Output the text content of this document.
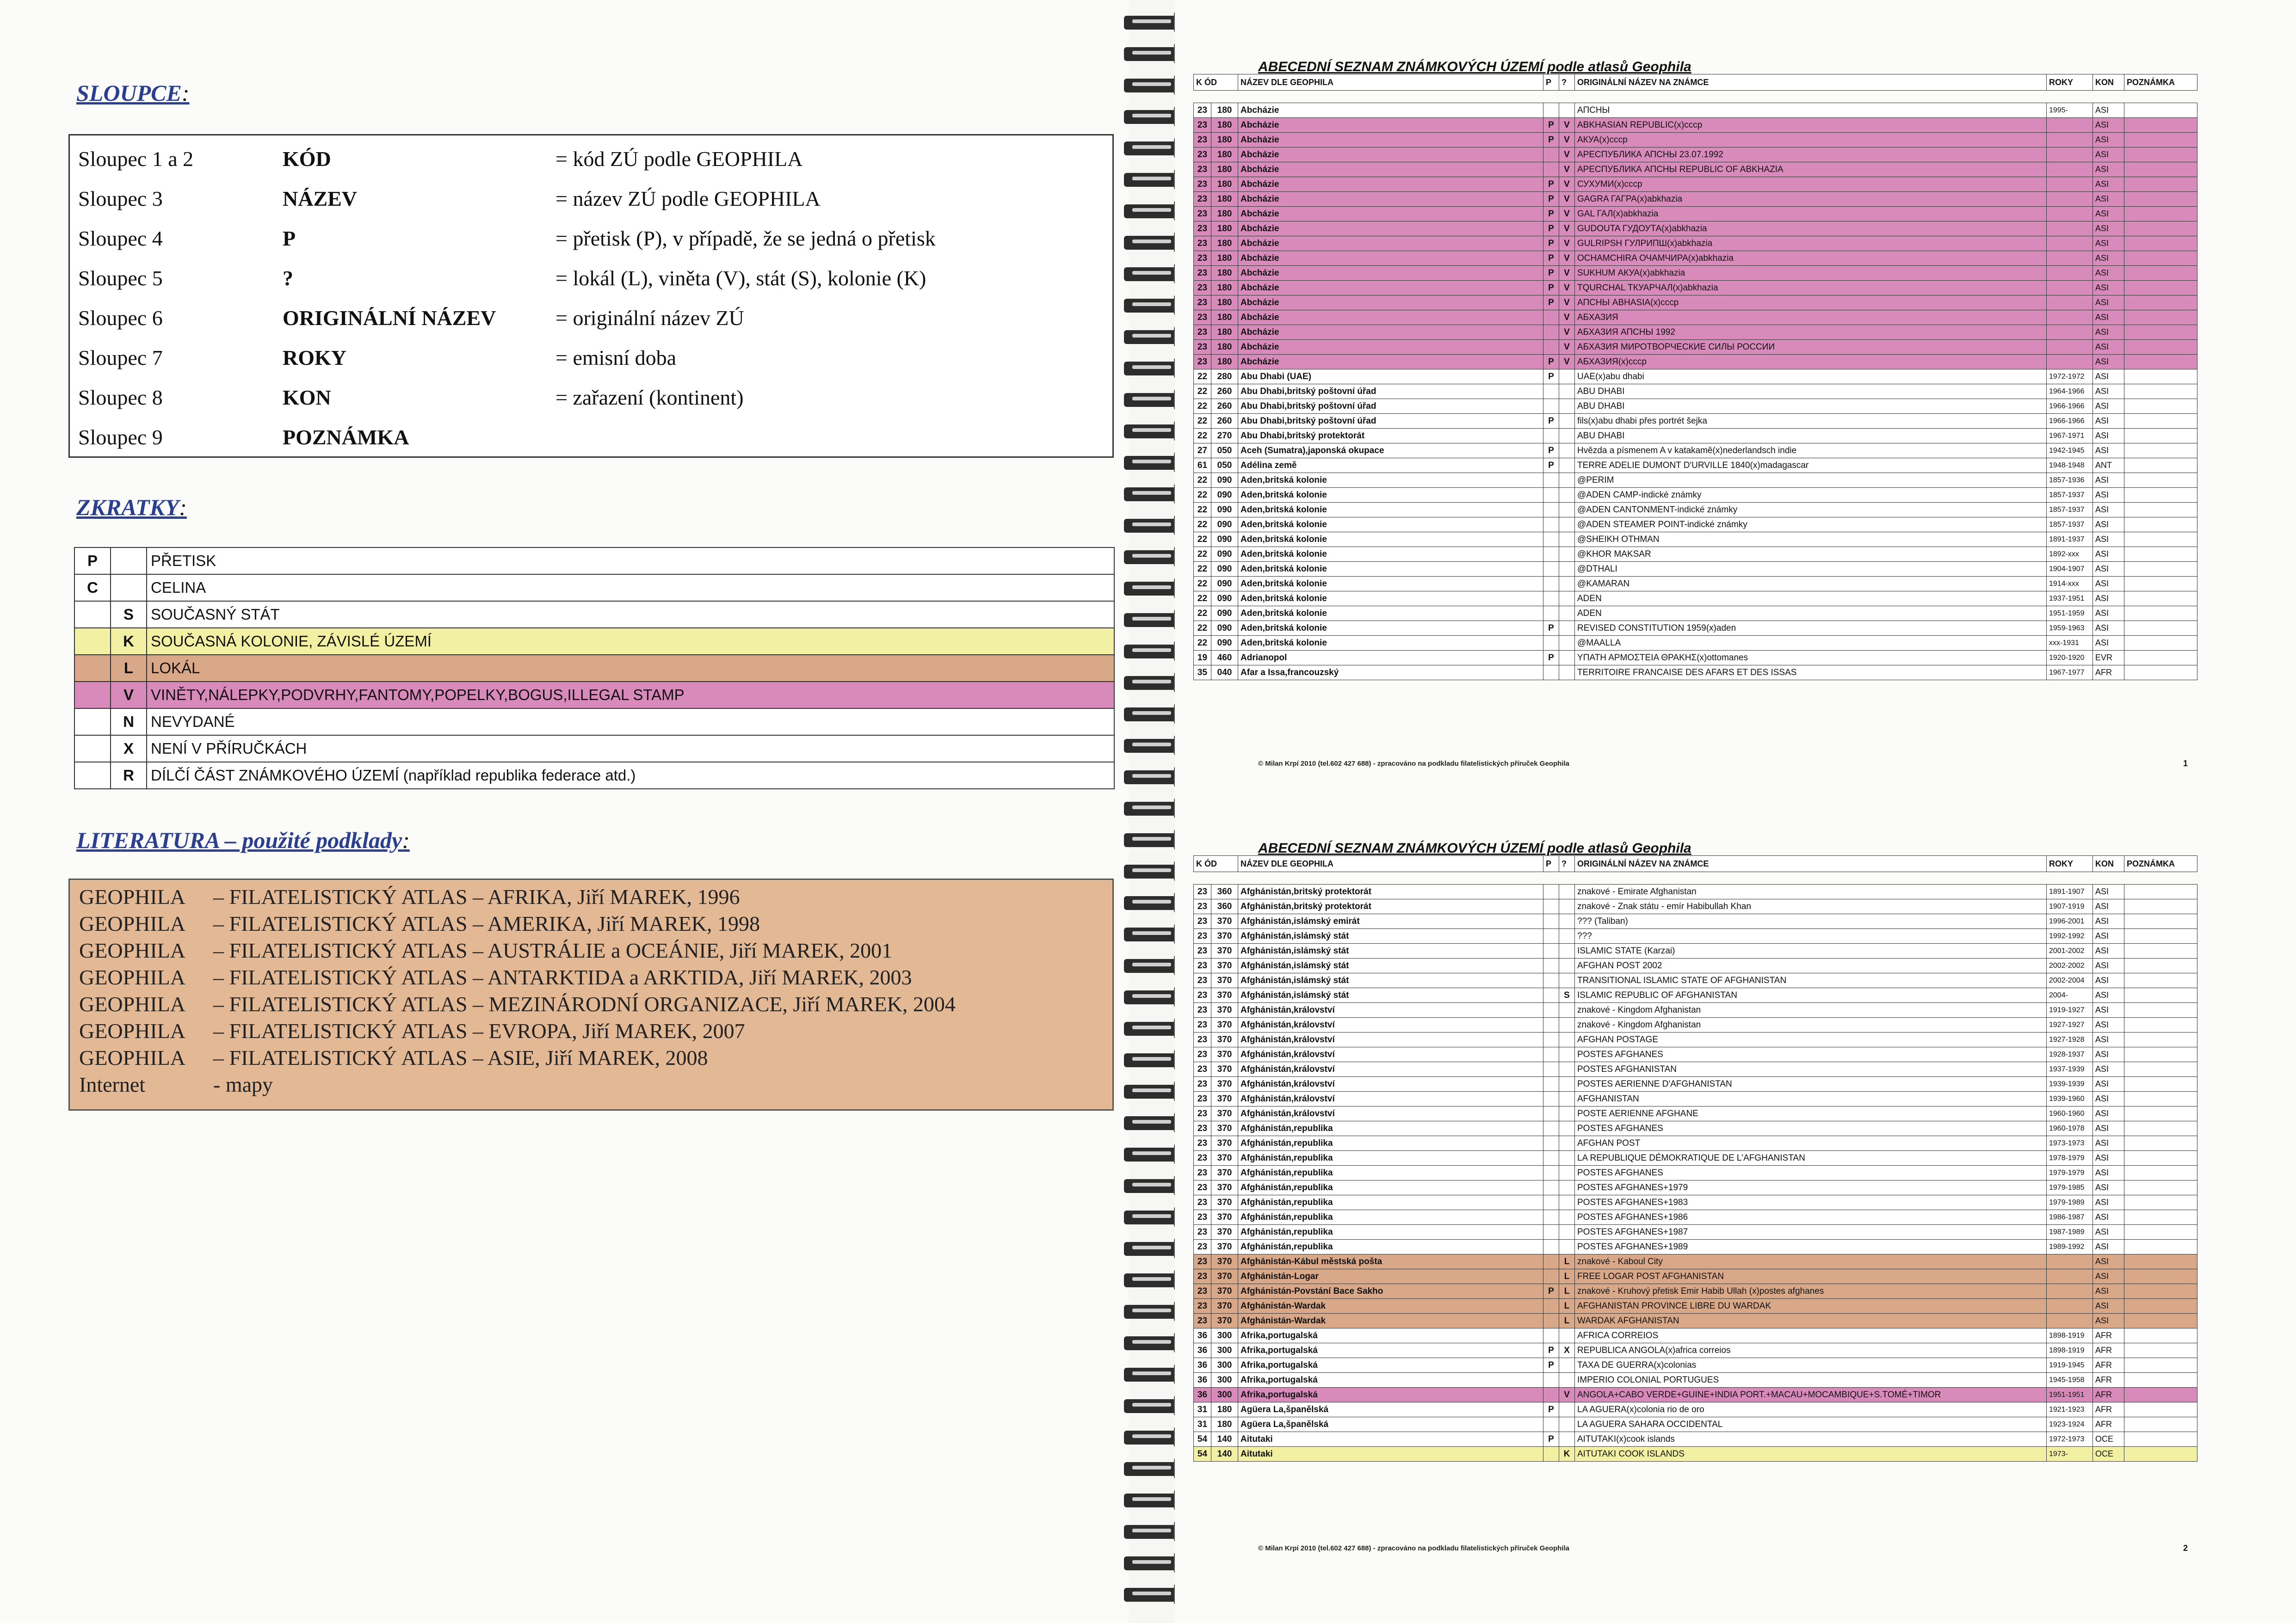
SLOUPCE:
Sloupec 1 a 2	KÓD	= kód ZÚ podle GEOPHILA
Sloupec 3	NÁZEV	= název ZÚ podle GEOPHILA
Sloupec 4	P	= přetisk (P), v případě, že se jedná o přetisk
Sloupec 5	?	= lokál (L), viněta (V), stát (S), kolonie (K)
Sloupec 6	ORIGINÁLNÍ NÁZEV	= originální název ZÚ
Sloupec 7	ROKY	= emisní doba
Sloupec 8	KON	= zařazení (kontinent)
Sloupec 9	POZNÁMKA
ZKRATKY:
P		PŘETISK
C		CELINA
	S	SOUČASNÝ STÁT
	K	SOUČASNÁ KOLONIE, ZÁVISLÉ ÚZEMÍ
	L	LOKÁL
	V	VINĚTY,NÁLEPKY,PODVRHY,FANTOMY,POPELKY,BOGUS,ILLEGAL STAMP
	N	NEVYDANÉ
	X	NENÍ V PŘÍRUČKÁCH
	R	DÍLČÍ ČÁST ZNÁMKOVÉHO ÚZEMÍ (například republika federace atd.)
LITERATURA – použité podklady:
GEOPHILA – FILATELISTICKÝ ATLAS – AFRIKA, Jiří MAREK, 1996
GEOPHILA – FILATELISTICKÝ ATLAS – AMERIKA, Jiří MAREK, 1998
GEOPHILA – FILATELISTICKÝ ATLAS – AUSTRÁLIE a OCEÁNIE, Jiří MAREK, 2001
GEOPHILA – FILATELISTICKÝ ATLAS – ANTARKTIDA a ARKTIDA, Jiří MAREK, 2003
GEOPHILA – FILATELISTICKÝ ATLAS – MEZINÁRODNÍ ORGANIZACE, Jiří MAREK, 2004
GEOPHILA – FILATELISTICKÝ ATLAS – EVROPA, Jiří MAREK, 2007
GEOPHILA – FILATELISTICKÝ ATLAS – ASIE, Jiří MAREK, 2008
Internet	- mapy
ABECEDNÍ SEZNAM ZNÁMKOVÝCH ÚZEMÍ podle atlasů Geophila
K ÓD		NÁZEV DLE GEOPHILA	P	?	ORIGINÁLNÍ NÁZEV NA ZNÁMCE	ROKY	KON	POZNÁMKA

23	180	Abcházie			АПСНЫ	1995-	ASI	
23	180	Abcházie	P	V	ABKHASIAN REPUBLIC(x)cccp		ASI	
23	180	Abcházie	P	V	АКУА(x)cccp		ASI	
23	180	Abcházie		V	АРЕСПУБЛИКА АПСНЫ 23.07.1992		ASI	
23	180	Abcházie		V	АРЕСПУБЛИКА АПСНЫ REPUBLIC OF ABKHAZIA		ASI	
23	180	Abcházie	P	V	СУХУМИ(x)cccp		ASI	
23	180	Abcházie	P	V	GAGRA ГАГРА(x)abkhazia		ASI	
23	180	Abcházie	P	V	GAL ГАЛ(x)abkhazia		ASI	
23	180	Abcházie	P	V	GUDOUTA ГУДОУТА(x)abkhazia		ASI	
23	180	Abcházie	P	V	GULRIPSH ГУЛРИПШ(x)abkhazia		ASI	
23	180	Abcházie	P	V	OCHAMCHIRA ОЧАМЧИРА(x)abkhazia		ASI	
23	180	Abcházie	P	V	SUKHUM АКУА(x)abkhazia		ASI	
23	180	Abcházie	P	V	TQURCHAL ТКУАРЧАЛ(x)abkhazia		ASI	
23	180	Abcházie	P	V	АПСНЫ ABHASIA(x)cccp		ASI	
23	180	Abcházie		V	АБХАЗИЯ		ASI	
23	180	Abcházie		V	АБХАЗИЯ АПСНЫ 1992		ASI	
23	180	Abcházie		V	АБХАЗИЯ МИРОТВОРЧЕСКИЕ СИЛЫ РОССИИ		ASI	
23	180	Abcházie	P	V	АБХАЗИЯ(x)cccp		ASI	
22	280	Abu Dhabi (UAE)	P		UAE(x)abu dhabi	1972-1972	ASI	
22	260	Abu Dhabi,britský poštovní úřad			ABU DHABI	1964-1966	ASI	
22	260	Abu Dhabi,britský poštovní úřad			ABU DHABI	1966-1966	ASI	
22	260	Abu Dhabi,britský poštovní úřad	P		fils(x)abu dhabi přes portrét šejka	1966-1966	ASI	
22	270	Abu Dhabi,britský protektorát			ABU DHABI	1967-1971	ASI	
27	050	Aceh (Sumatra),japonská okupace	P		Hvězda a písmenem A v katakamě(x)nederlandsch indie	1942-1945	ASI	
61	050	Adélina země	P		TERRE ADELIE DUMONT D'URVILLE 1840(x)madagascar	1948-1948	ANT	
22	090	Aden,britská kolonie			@PERIM	1857-1936	ASI	
22	090	Aden,britská kolonie			@ADEN CAMP-indické známky	1857-1937	ASI	
22	090	Aden,britská kolonie			@ADEN CANTONMENT-indické známky	1857-1937	ASI	
22	090	Aden,britská kolonie			@ADEN STEAMER POINT-indické známky	1857-1937	ASI	
22	090	Aden,britská kolonie			@SHEIKH OTHMAN	1891-1937	ASI	
22	090	Aden,britská kolonie			@KHOR MAKSAR	1892-xxx	ASI	
22	090	Aden,britská kolonie			@DTHALI	1904-1907	ASI	
22	090	Aden,britská kolonie			@KAMARAN	1914-xxx	ASI	
22	090	Aden,britská kolonie			ADEN	1937-1951	ASI	
22	090	Aden,britská kolonie			ADEN	1951-1959	ASI	
22	090	Aden,britská kolonie	P		REVISED CONSTITUTION 1959(x)aden	1959-1963	ASI	
22	090	Aden,britská kolonie			@MAALLA	xxx-1931	ASI	
19	460	Adrianopol	P		ΥΠΑΤΗ ΑΡΜΟΣΤΕΙΑ ΘΡΑΚΗΣ(x)ottomanes	1920-1920	EVR	
35	040	Afar a Issa,francouzský			TERRITOIRE FRANCAISE DES AFARS ET DES ISSAS	1967-1977	AFR	
© Milan Krpí 2010 (tel.602 427 688) - zpracováno na podkladu filatelistických příruček Geophila	1
ABECEDNÍ SEZNAM ZNÁMKOVÝCH ÚZEMÍ podle atlasů Geophila
K ÓD		NÁZEV DLE GEOPHILA	P	?	ORIGINÁLNÍ NÁZEV NA ZNÁMCE	ROKY	KON	POZNÁMKA

23	360	Afghánistán,britský protektorát			znakové - Emirate Afghanistan	1891-1907	ASI	
23	360	Afghánistán,britský protektorát			znakové - Znak státu - emír Habibullah Khan	1907-1919	ASI	
23	370	Afghánistán,islámský emirát			??? (Taliban)	1996-2001	ASI	
23	370	Afghánistán,islámský stát			???	1992-1992	ASI	
23	370	Afghánistán,islámský stát			ISLAMIC STATE (Karzai)	2001-2002	ASI	
23	370	Afghánistán,islámský stát			AFGHAN POST 2002	2002-2002	ASI	
23	370	Afghánistán,islámský stát			TRANSITIONAL ISLAMIC STATE OF AFGHANISTAN	2002-2004	ASI	
23	370	Afghánistán,islámský stát		S	ISLAMIC REPUBLIC OF AFGHANISTAN	2004-	ASI	
23	370	Afghánistán,království			znakové - Kingdom Afghanistan	1919-1927	ASI	
23	370	Afghánistán,království			znakové - Kingdom Afghanistan	1927-1927	ASI	
23	370	Afghánistán,království			AFGHAN POSTAGE	1927-1928	ASI	
23	370	Afghánistán,království			POSTES AFGHANES	1928-1937	ASI	
23	370	Afghánistán,království			POSTES AFGHANISTAN	1937-1939	ASI	
23	370	Afghánistán,království			POSTES AERIENNE D'AFGHANISTAN	1939-1939	ASI	
23	370	Afghánistán,království			AFGHANISTAN	1939-1960	ASI	
23	370	Afghánistán,království			POSTE AERIENNE AFGHANE	1960-1960	ASI	
23	370	Afghánistán,republika			POSTES AFGHANES	1960-1978	ASI	
23	370	Afghánistán,republika			AFGHAN POST	1973-1973	ASI	
23	370	Afghánistán,republika			LA REPUBLIQUE DÉMOKRATIQUE DE L'AFGHANISTAN	1978-1979	ASI	
23	370	Afghánistán,republika			POSTES AFGHANES	1979-1979	ASI	
23	370	Afghánistán,republika			POSTES AFGHANES+1979	1979-1985	ASI	
23	370	Afghánistán,republika			POSTES AFGHANES+1983	1979-1989	ASI	
23	370	Afghánistán,republika			POSTES AFGHANES+1986	1986-1987	ASI	
23	370	Afghánistán,republika			POSTES AFGHANES+1987	1987-1989	ASI	
23	370	Afghánistán,republika			POSTES AFGHANES+1989	1989-1992	ASI	
23	370	Afghánistán-Kábul městská pošta		L	znakové - Kaboul City		ASI	
23	370	Afghánistán-Logar		L	FREE LOGAR POST AFGHANISTAN		ASI	
23	370	Afghánistán-Povstání Bace Sakho	P	L	znakové - Kruhový přetisk Emir Habib Ullah (x)postes afghanes		ASI	
23	370	Afghánistán-Wardak		L	AFGHANISTAN PROVINCE LIBRE DU WARDAK		ASI	
23	370	Afghánistán-Wardak		L	WARDAK AFGHANISTAN		ASI	
36	300	Afrika,portugalská			AFRICA CORREIOS	1898-1919	AFR	
36	300	Afrika,portugalská	P	X	REPUBLICA ANGOLA(x)africa correios	1898-1919	AFR	
36	300	Afrika,portugalská	P		TAXA DE GUERRA(x)colonias	1919-1945	AFR	
36	300	Afrika,portugalská			IMPERIO COLONIAL PORTUGUES	1945-1958	AFR	
36	300	Afrika,portugalská		V	ANGOLA+CABO VERDE+GUINE+INDIA PORT.+MACAU+MOCAMBIQUE+S.TOMÉ+TIMOR	1951-1951	AFR	
31	180	Agüera La,španělská	P		LA AGUERA(x)colonia rio de oro	1921-1923	AFR	
31	180	Agüera La,španělská			LA AGUERA SAHARA OCCIDENTAL	1923-1924	AFR	
54	140	Aitutaki	P		AITUTAKI(x)cook islands	1972-1973	OCE	
54	140	Aitutaki		K	AITUTAKI COOK ISLANDS	1973-	OCE	
© Milan Krpí 2010 (tel.602 427 688) - zpracováno na podkladu filatelistických příruček Geophila	2
